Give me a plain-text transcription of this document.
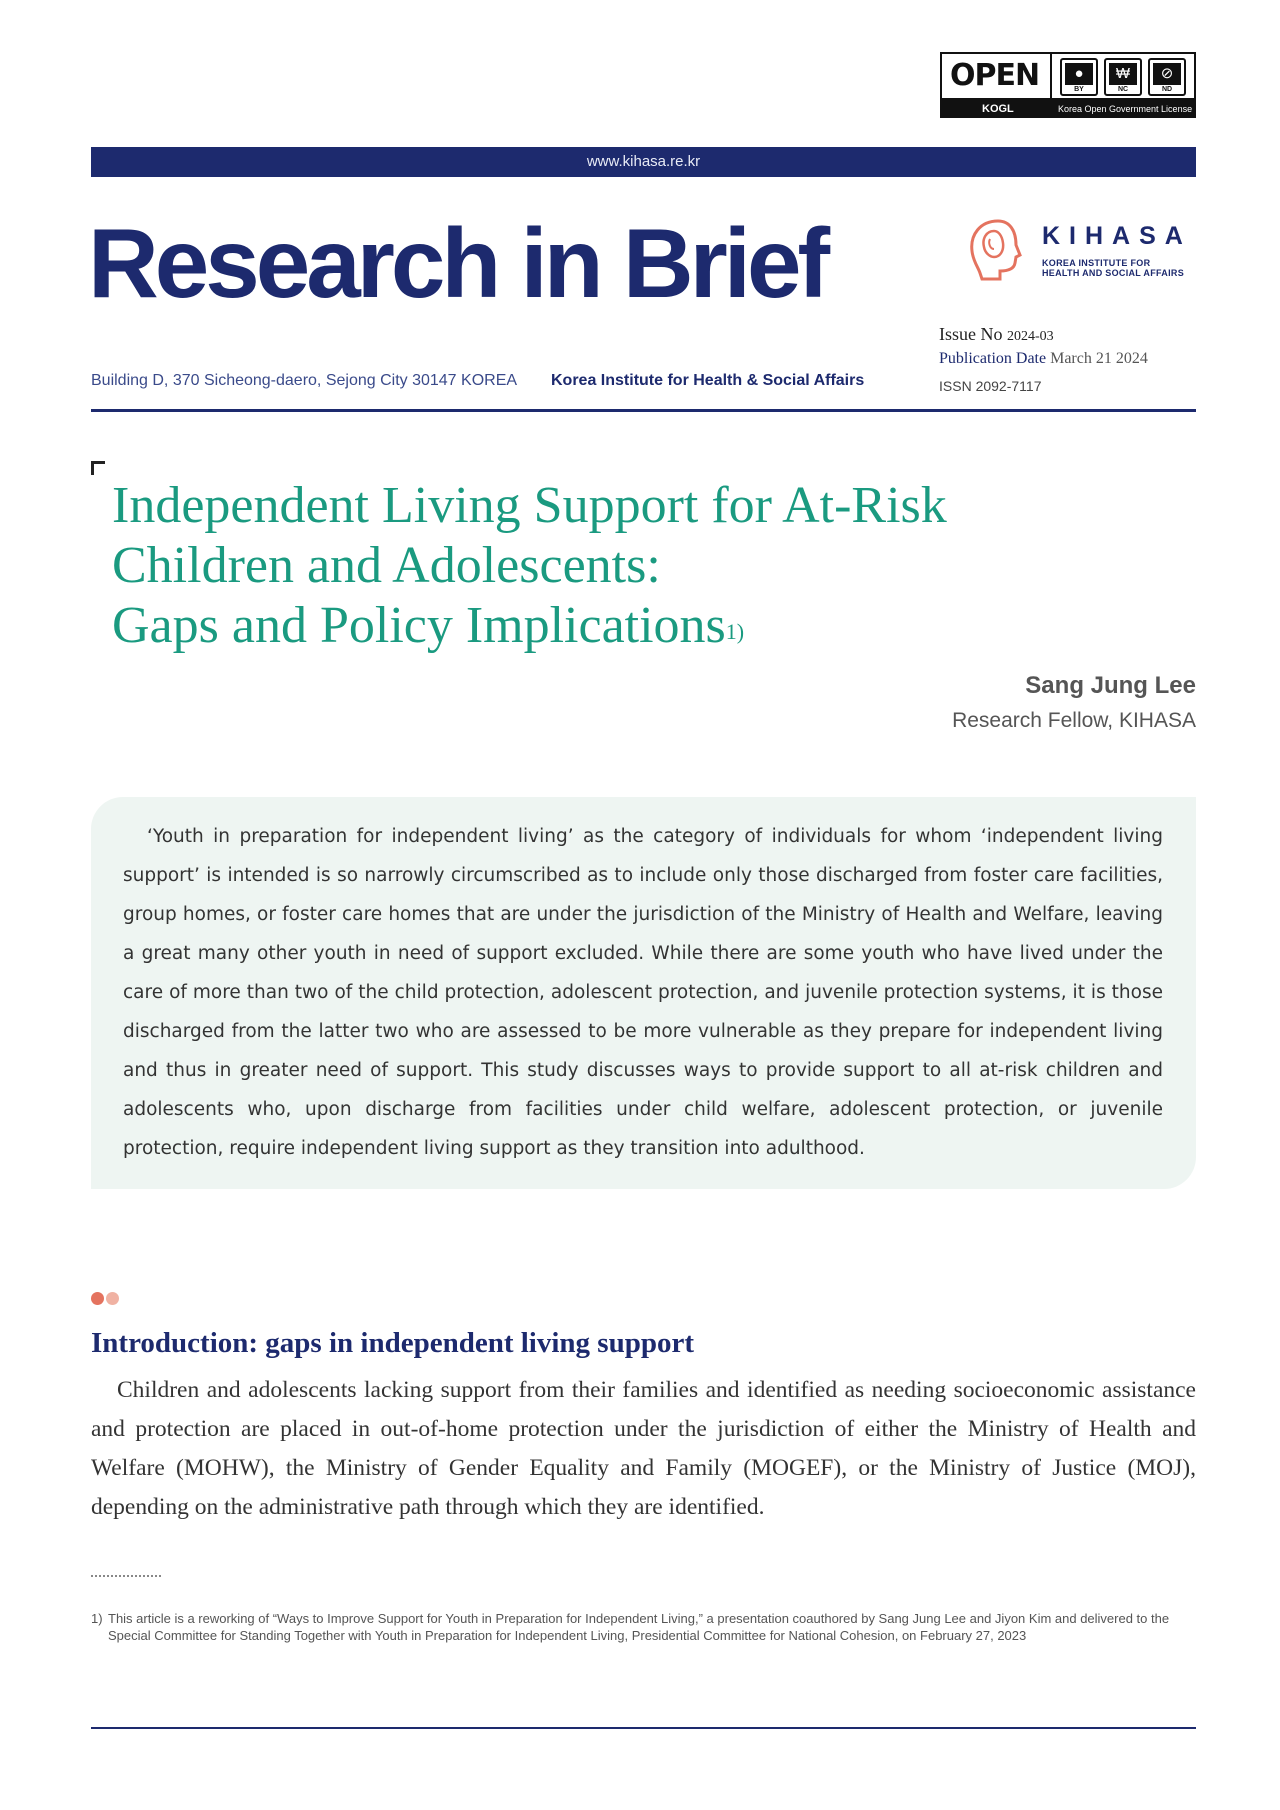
OPEN	●
BY
₩
NC
⊘
ND
KOGL	Korea Open Government License
www.kihasa.re.kr
Research in Brief	KIHASA
KOREA INSTITUTE FOR
HEALTH AND SOCIAL AFFAIRS
Issue No 2024-03
Publication Date March 21 2024
ISSN 2092-7117
Building D, 370 Sicheong-daero, Sejong City 30147 KOREA Korea Institute for Health & Social Affairs
Independent Living Support for At-Risk
Children and Adolescents:
Gaps and Policy Implications$^{1)}$
Sang Jung Lee
Research Fellow, KIHASA

‘Youth in preparation for independent living’ as the category of individuals for whom ‘independent living support’ is intended is so narrowly circumscribed as to include only those discharged from foster care facilities, group homes, or foster care homes that are under the jurisdiction of the Ministry of Health and Welfare, leaving a great many other youth in need of support excluded. While there are some youth who have lived under the care of more than two of the child protection, adolescent protection, and juvenile protection systems, it is those discharged from the latter two who are assessed to be more vulnerable as they prepare for independent living and thus in greater need of support. This study discusses ways to provide support to all at-risk children and adolescents who, upon discharge from facilities under child welfare, adolescent protection, or juvenile protection, require independent living support as they transition into adulthood.

Introduction: gaps in independent living support

Children and adolescents lacking support from their families and identified as needing socioeconomic assistance and protection are placed in out-of-home protection under the jurisdiction of either the Ministry of Health and Welfare (MOHW), the Ministry of Gender Equality and Family (MOGEF), or the Ministry of Justice (MOJ), depending on the administrative path through which they are identified.

1) This article is a reworking of “Ways to Improve Support for Youth in Preparation for Independent Living,” a presentation coauthored by Sang Jung Lee and Jiyon Kim and delivered to the Special Committee for Standing Together with Youth in Preparation for Independent Living, Presidential Committee for National Cohesion, on February 27, 2023
